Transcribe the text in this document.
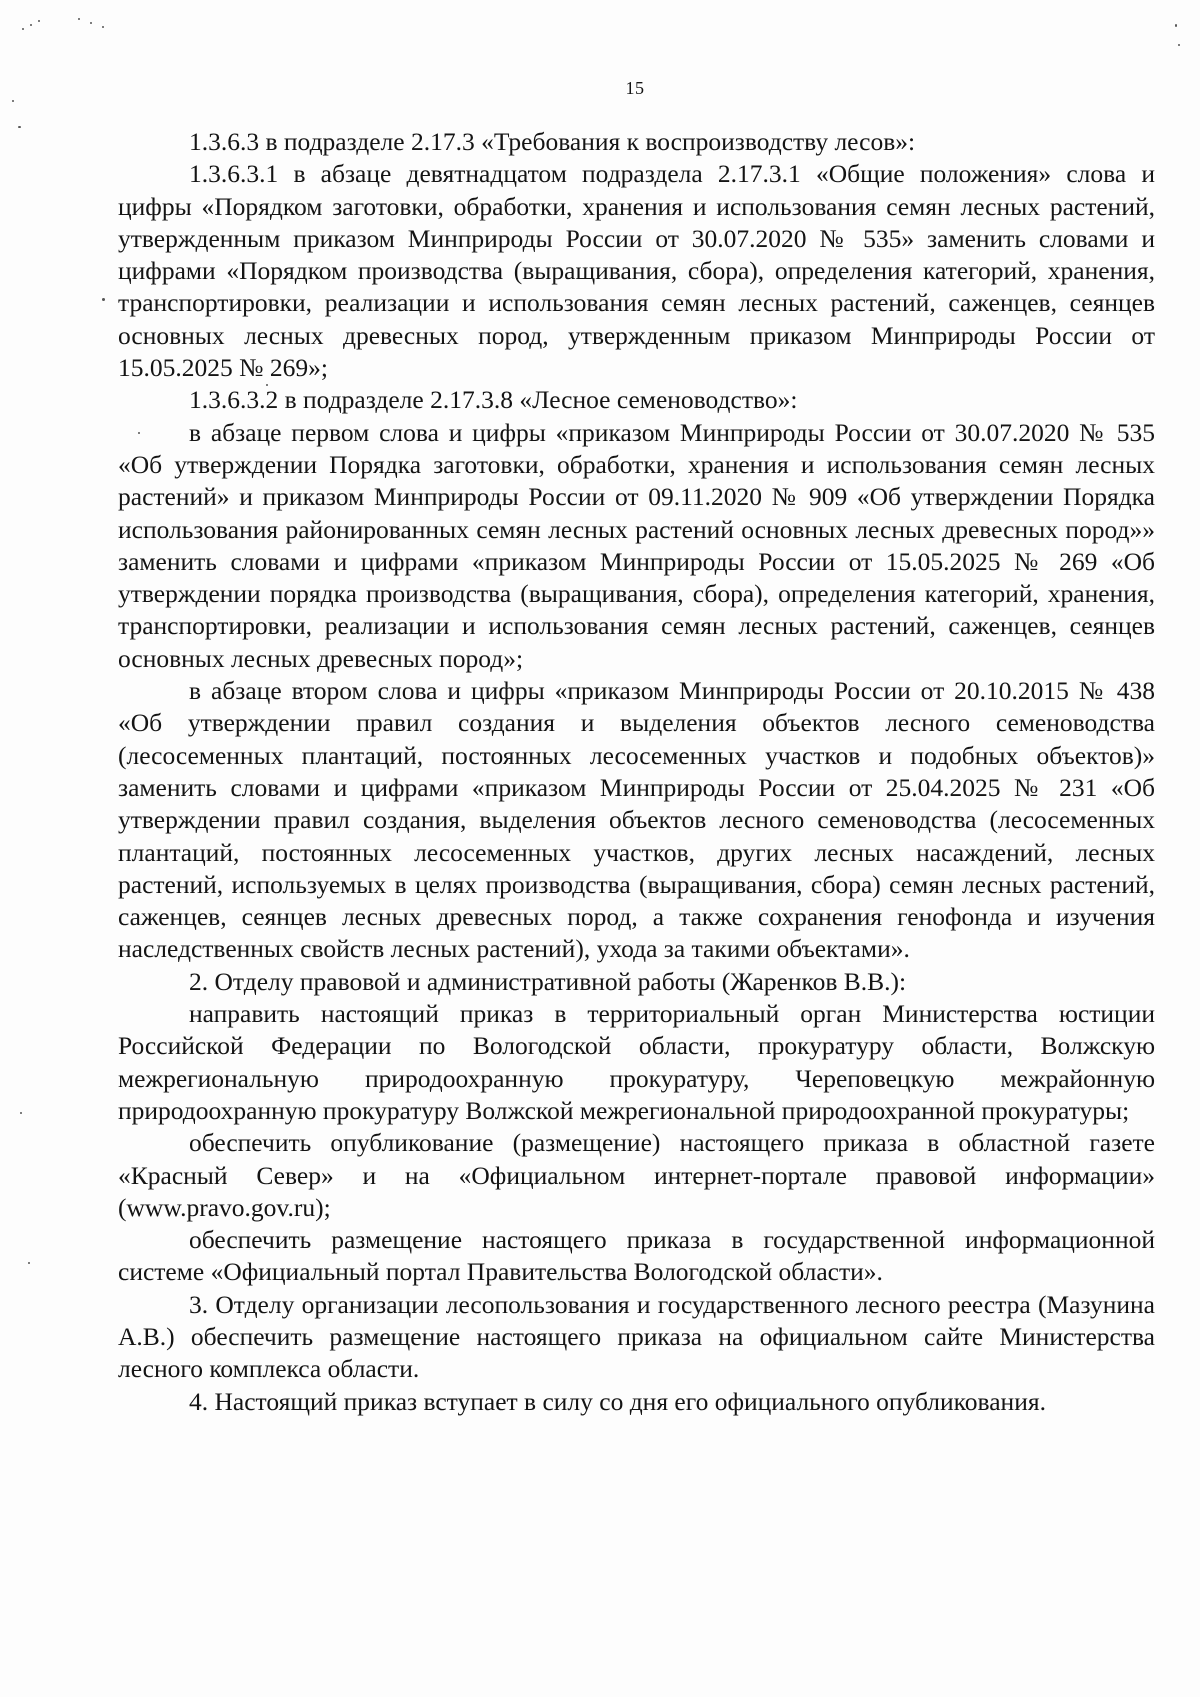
15

1.3.6.3 в подразделе 2.17.3 «Требования к воспроизводству лесов»:

1.3.6.3.1 в абзаце девятнадцатом подраздела 2.17.3.1 «Общие положения» слова и цифры «Порядком заготовки, обработки, хранения и использования семян лесных растений, утвержденным приказом Минприроды России от 30.07.2020 № 535» заменить словами и цифрами «Порядком производства (выращивания, сбора), определения категорий, хранения, транспортировки, реализации и использования семян лесных растений, саженцев, сеянцев основных лесных древесных пород, утвержденным приказом Минприроды России от 15.05.2025 № 269»;

1.3.6.3.2 в подразделе 2.17.3.8 «Лесное семеноводство»:

в абзаце первом слова и цифры «приказом Минприроды России от 30.07.2020 № 535 «Об утверждении Порядка заготовки, обработки, хранения и использования семян лесных растений» и приказом Минприроды России от 09.11.2020 № 909 «Об утверждении Порядка использования районированных семян лесных растений основных лесных древесных пород»» заменить словами и цифрами «приказом Минприроды России от 15.05.2025 № 269 «Об утверждении порядка производства (выращивания, сбора), определения категорий, хранения, транспортировки, реализации и использования семян лесных растений, саженцев, сеянцев основных лесных древесных пород»;

в абзаце втором слова и цифры «приказом Минприроды России от 20.10.2015 № 438 «Об утверждении правил создания и выделения объектов лесного семеноводства (лесосеменных плантаций, постоянных лесосеменных участков и подобных объектов)» заменить словами и цифрами «приказом Минприроды России от 25.04.2025 № 231 «Об утверждении правил создания, выделения объектов лесного семеноводства (лесосеменных плантаций, постоянных лесосеменных участков, других лесных насаждений, лесных растений, используемых в целях производства (выращивания, сбора) семян лесных растений, саженцев, сеянцев лесных древесных пород, а также сохранения генофонда и изучения наследственных свойств лесных растений), ухода за такими объектами».

2. Отделу правовой и административной работы (Жаренков В.В.):

направить настоящий приказ в территориальный орган Министерства юстиции Российской Федерации по Вологодской области, прокуратуру области, Волжскую межрегиональную природоохранную прокуратуру, Череповецкую межрайонную природоохранную прокуратуру Волжской межрегиональной природоохранной прокуратуры;

обеспечить опубликование (размещение) настоящего приказа в областной газете «Красный Север» и на «Официальном интернет-портале правовой информации» (www.pravo.gov.ru);

обеспечить размещение настоящего приказа в государственной информационной системе «Официальный портал Правительства Вологодской области».

3. Отделу организации лесопользования и государственного лесного реестра (Мазунина А.В.) обеспечить размещение настоящего приказа на официальном сайте Министерства лесного комплекса области.

4. Настоящий приказ вступает в силу со дня его официального опубликования.
